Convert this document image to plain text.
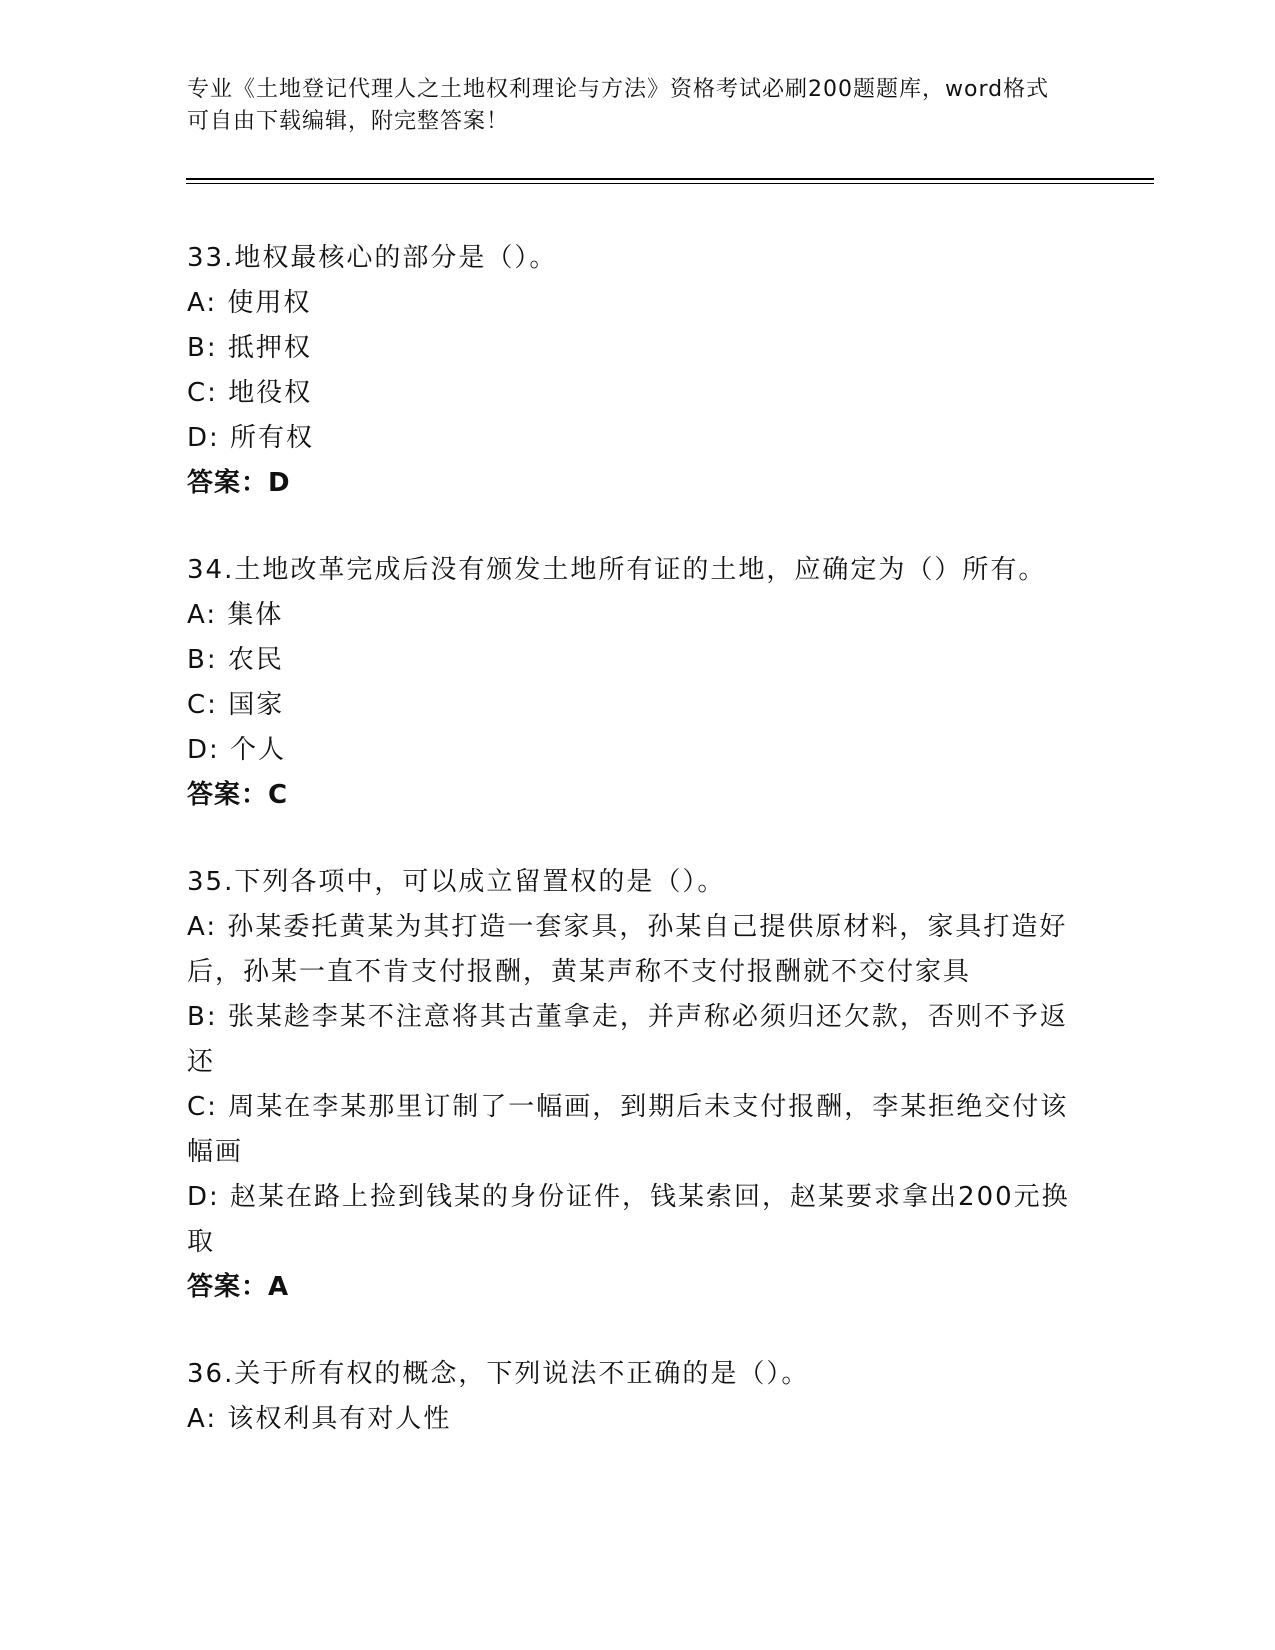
专业《土地登记代理人之土地权利理论与方法》资格考试必刷200题题库，word格式可自由下载编辑，附完整答案！
33.地权最核心的部分是（）。
A: 使用权
B: 抵押权
C: 地役权
D: 所有权
答案：D
34.土地改革完成后没有颁发土地所有证的土地，应确定为（）所有。
A: 集体
B: 农民
C: 国家
D: 个人
答案：C
35.下列各项中，可以成立留置权的是（）。
A: 孙某委托黄某为其打造一套家具，孙某自己提供原材料，家具打造好后，孙某一直不肯支付报酬，黄某声称不支付报酬就不交付家具
B: 张某趁李某不注意将其古董拿走，并声称必须归还欠款，否则不予返还
C: 周某在李某那里订制了一幅画，到期后未支付报酬，李某拒绝交付该幅画
D: 赵某在路上捡到钱某的身份证件，钱某索回，赵某要求拿出200元换取
答案：A
36.关于所有权的概念，下列说法不正确的是（）。
A: 该权利具有对人性
